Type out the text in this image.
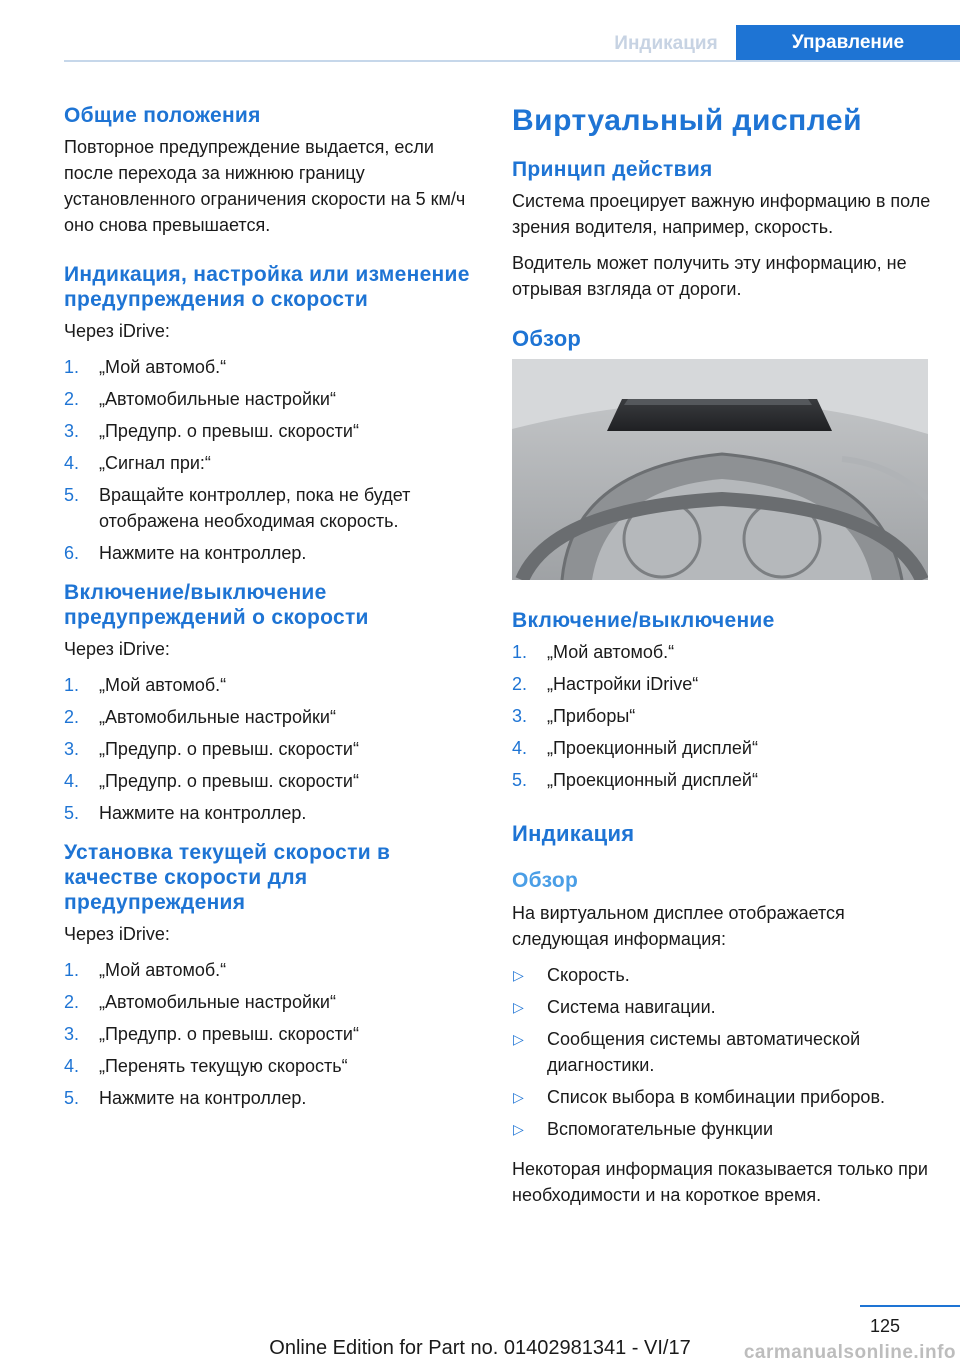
Индикация	Управление
Общие положения

Повторное предупреждение выдается, если после перехода за нижнюю границу установленного ограничения скорости на 5 км/ч оно снова превышается.

Индикация, настройка или изменение предупреждения о скорости

Через iDrive:

1. „Мой автомоб.“
2. „Автомобильные настройки“
3. „Предупр. о превыш. скорости“
4. „Сигнал при:“
5. Вращайте контроллер, пока не будет отображена необходимая скорость.
6. Нажмите на контроллер.
Включение/выключение предупреждений о скорости

Через iDrive:

1. „Мой автомоб.“
2. „Автомобильные настройки“
3. „Предупр. о превыш. скорости“
4. „Предупр. о превыш. скорости“
5. Нажмите на контроллер.
Установка текущей скорости в качестве скорости для предупреждения

Через iDrive:

1. „Мой автомоб.“
2. „Автомобильные настройки“
3. „Предупр. о превыш. скорости“
4. „Перенять текущую скорость“
5. Нажмите на контроллер.
Виртуальный дисплей
Принцип действия

Система проецирует важную информацию в поле зрения водителя, например, скорость.

Водитель может получить эту информацию, не отрывая взгляда от дороги.

Обзор
Включение/выключение
1. „Мой автомоб.“
2. „Настройки iDrive“
3. „Приборы“
4. „Проекционный дисплей“
5. „Проекционный дисплей“
Индикация
Обзор

На виртуальном дисплее отображается следующая информация:

▷ Скорость.
▷ Система навигации.
▷ Сообщения системы автоматической диагностики.
▷ Список выбора в комбинации приборов.
▷ Вспомогательные функции

Некоторая информация показывается только при необходимости и на короткое время.

125
Online Edition for Part no. 01402981341 - VI/17	carmanualsonline.info
